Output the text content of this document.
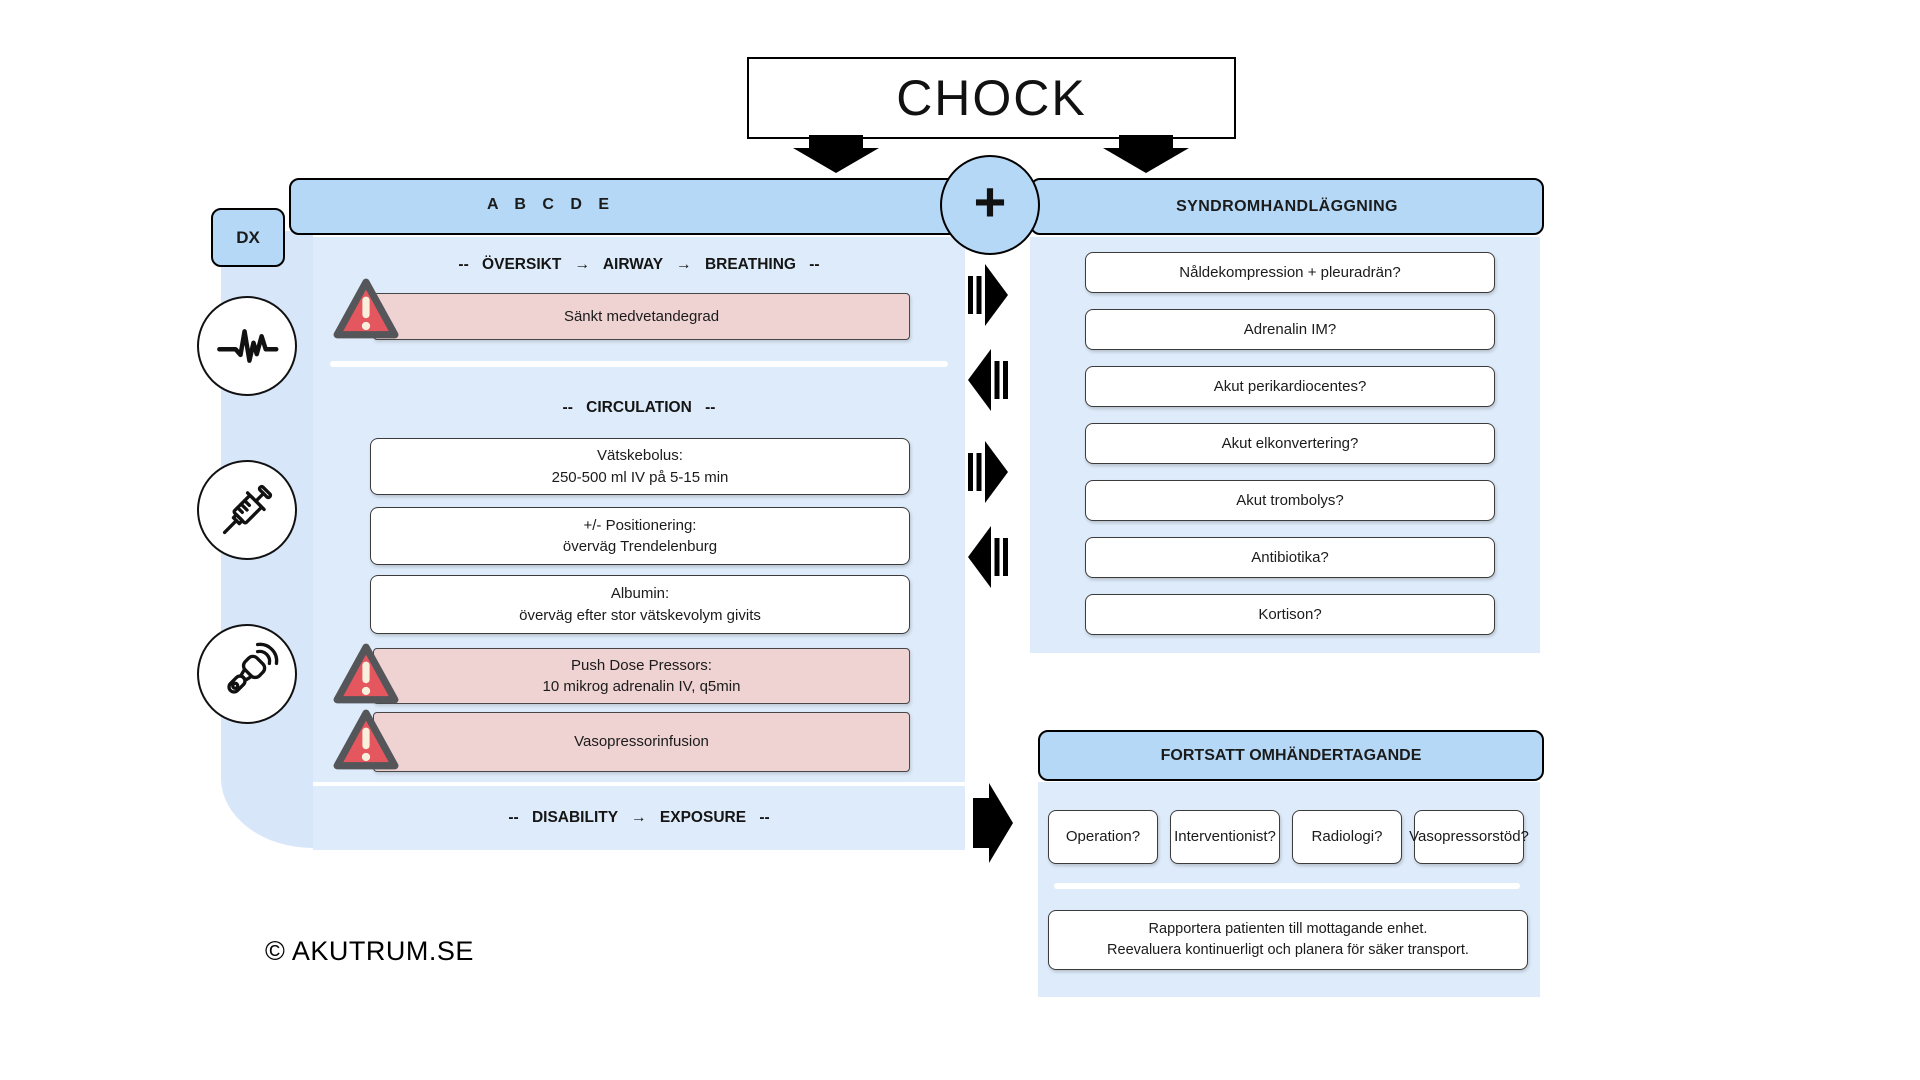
CHOCK
A B C D E	SYNDROMHANDLÄGGNING
+
DX
-- ÖVERSIKT → AIRWAY → BREATHING --
Sänkt medvetandegrad
-- CIRCULATION --
Vätskebolus:
250-500 ml IV på 5-15 min
+/- Positionering:
överväg Trendelenburg
Albumin:
överväg efter stor vätskevolym givits
Push Dose Pressors:
10 mikrog adrenalin IV, q5min
Vasopressorinfusion
-- DISABILITY → EXPOSURE --
Nåldekompression + pleuradrän?
Adrenalin IM?
Akut perikardiocentes?
Akut elkonvertering?
Akut trombolys?
Antibiotika?
Kortison?
FORTSATT OMHÄNDERTAGANDE
Operation? Interventionist? Radiologi? Vasopressorstöd?
Rapportera patienten till mottagande enhet.
Reevaluera kontinuerligt och planera för säker transport.
© AKUTRUM.SE
